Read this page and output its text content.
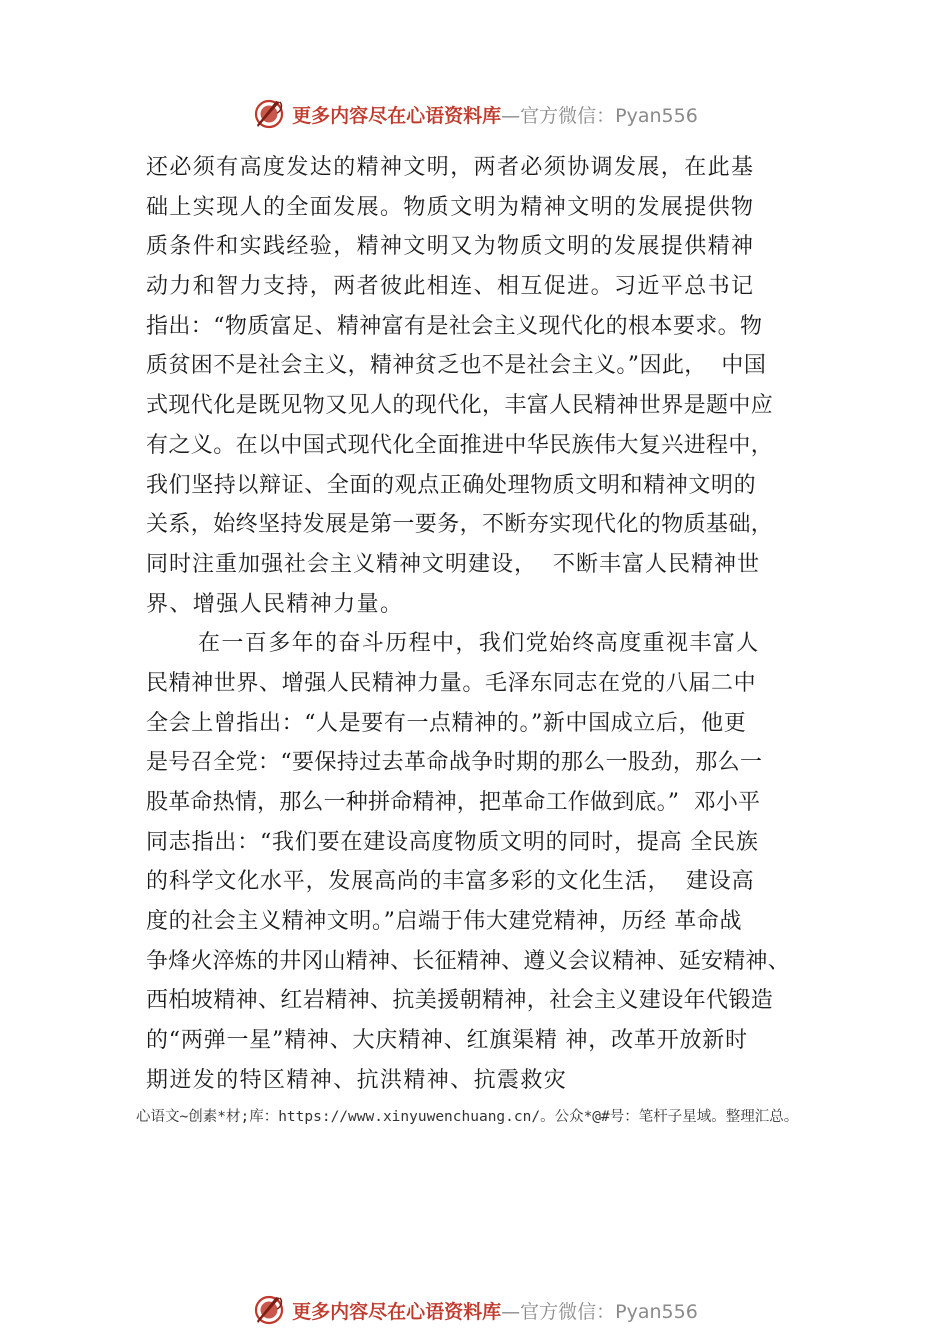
更多内容尽在心语资料库 —官方微信：Pyan556
还必须有高度发达的精神文明，两者必须协调发展，在此基
础上实现人的全面发展。物质文明为精神文明的发展提供物
质条件和实践经验，精神文明又为物质文明的发展提供精神
动力和智力支持，两者彼此相连、相互促进。习近平总书记
指出：“物质富足、精神富有是社会主义现代化的根本要求。物
质贫困不是社会主义，精神贫乏也不是社会主义。”因此，  中国
式现代化是既见物又见人的现代化，丰富人民精神世界是题中应
有之义。在以中国式现代化全面推进中华民族伟大复兴进程中，
我们坚持以辩证、全面的观点正确处理物质文明和精神文明的
关系，始终坚持发展是第一要务，不断夯实现代化的物质基础，
同时注重加强社会主义精神文明建设，  不断丰富人民精神世
界、增强人民精神力量。
在一百多年的奋斗历程中，我们党始终高度重视丰富人
民精神世界、增强人民精神力量。毛泽东同志在党的八届二中
全会上曾指出：“人是要有一点精神的。”新中国成立后，他更
是号召全党：“要保持过去革命战争时期的那么一股劲，那么一
股革命热情，那么一种拼命精神，把革命工作做到底。”  邓小平
同志指出：“我们要在建设高度物质文明的同时，提高 全民族
的科学文化水平，发展高尚的丰富多彩的文化生活，  建设高
度的社会主义精神文明。”启端于伟大建党精神，历经 革命战
争烽火淬炼的井冈山精神、长征精神、遵义会议精神、延安精神、
西柏坡精神、红岩精神、抗美援朝精神，社会主义建设年代锻造
的“两弹一星”精神、大庆精神、红旗渠精 神，改革开放新时
期迸发的特区精神、抗洪精神、抗震救灾
心语文~创素*材;库：https://www.xinyuwenchuang.cn/。公众*@#号：笔杆子星域。整理汇总。
更多内容尽在心语资料库 —官方微信：Pyan556
